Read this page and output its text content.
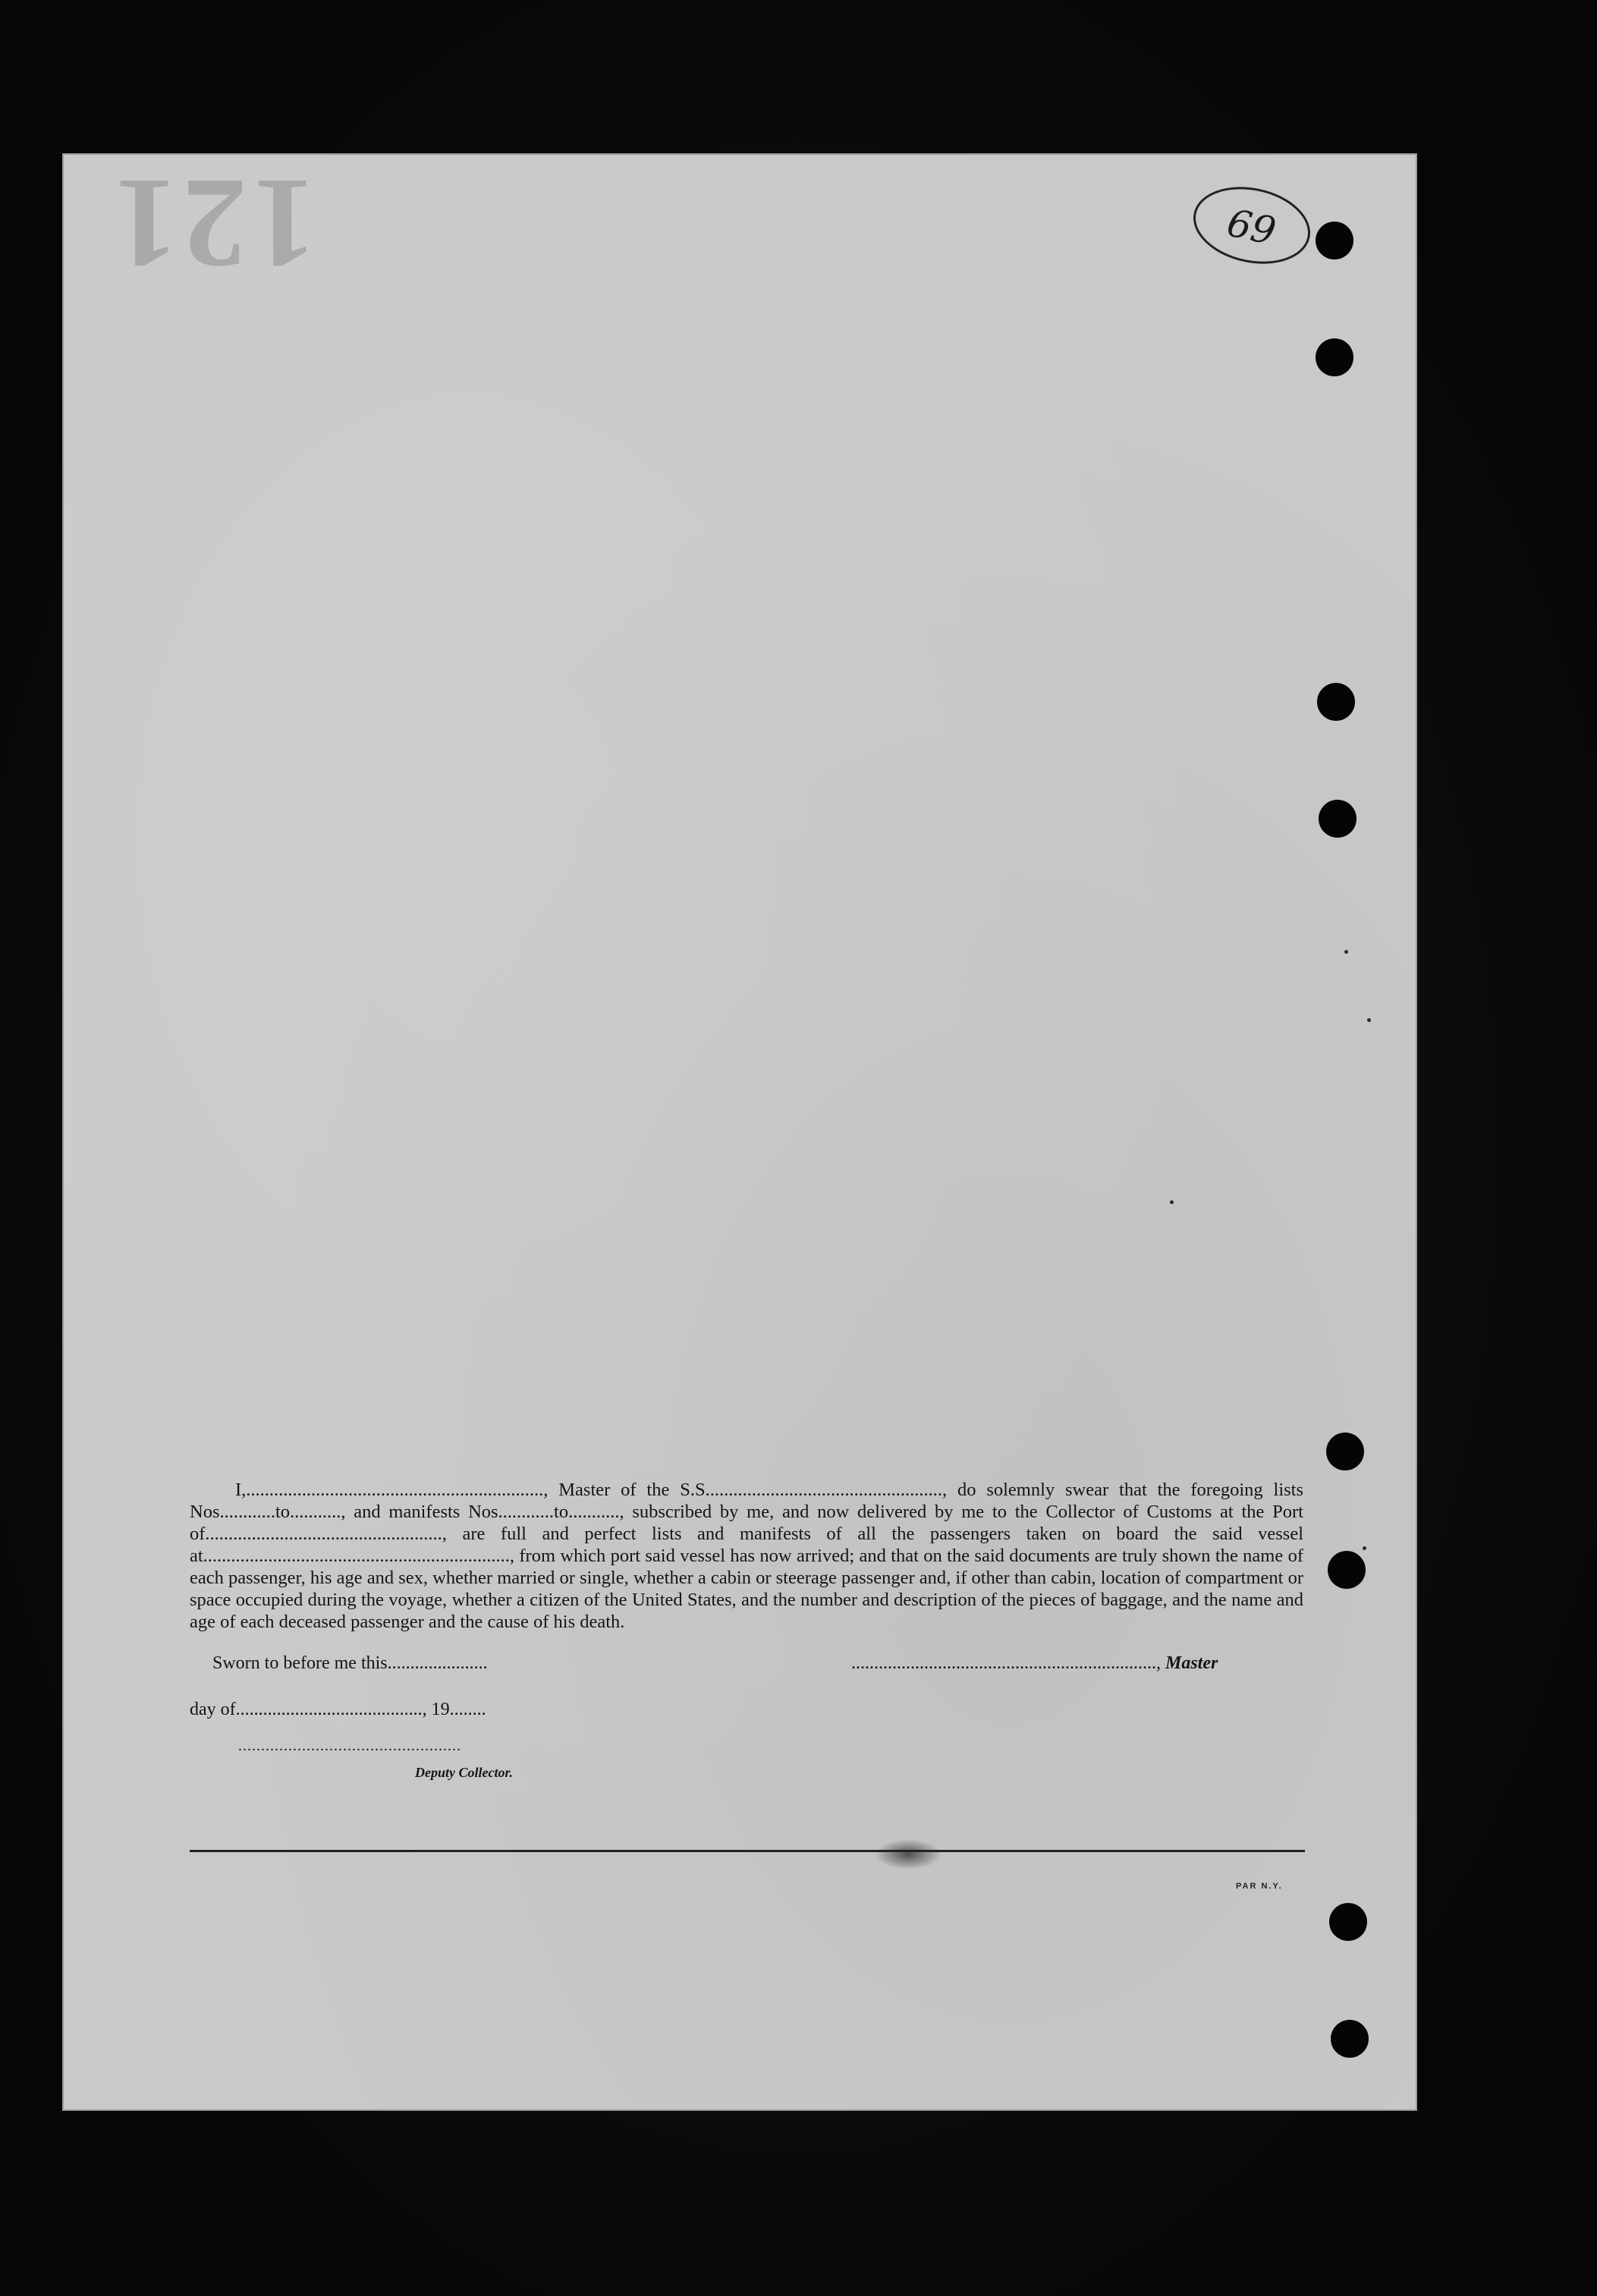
121	69

I,................................................................, Master of the S.S..................................................., do solemnly swear that the foregoing lists Nos............to..........., and manifests Nos............to..........., subscribed by me, and now delivered by me to the Collector of Customs at the Port of..................................................., are full and perfect lists and manifests of all the passengers taken on board the said vessel at.................................................................., from which port said vessel has now arrived; and that on the said documents are truly shown the name of each passenger, his age and sex, whether married or single, whether a cabin or steerage passenger and, if other than cabin, location of compartment or space occupied during the voyage, whether a citizen of the United States, and the number and description of the pieces of baggage, and the name and age of each deceased passenger and the cause of his death.

Sworn to before me this......................	..................................................................., Master
day of........................................., 19........
.................................................
Deputy Collector.
PAR N.Y.
